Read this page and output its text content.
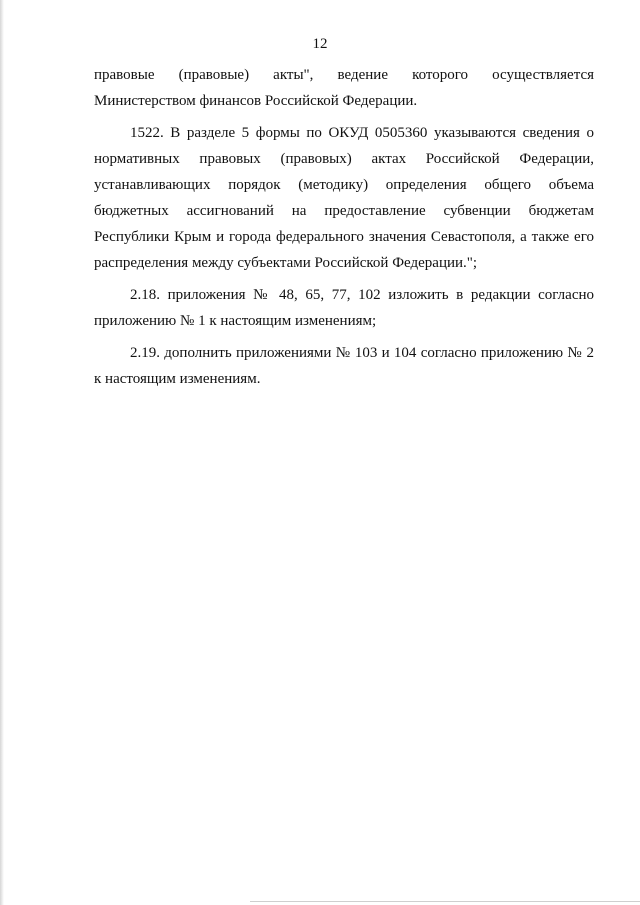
12

правовые (правовые) акты", ведение которого осуществляется Министерством финансов Российской Федерации.

1522. В разделе 5 формы по ОКУД 0505360 указываются сведения о нормативных правовых (правовых) актах Российской Федерации, устанавливающих порядок (методику) определения общего объема бюджетных ассигнований на предоставление субвенции бюджетам Республики Крым и города федерального значения Севастополя, а также его распределения между субъектами Российской Федерации.";

2.18. приложения № 48, 65, 77, 102 изложить в редакции согласно приложению № 1 к настоящим изменениям;

2.19. дополнить приложениями № 103 и 104 согласно приложению № 2 к настоящим изменениям.
